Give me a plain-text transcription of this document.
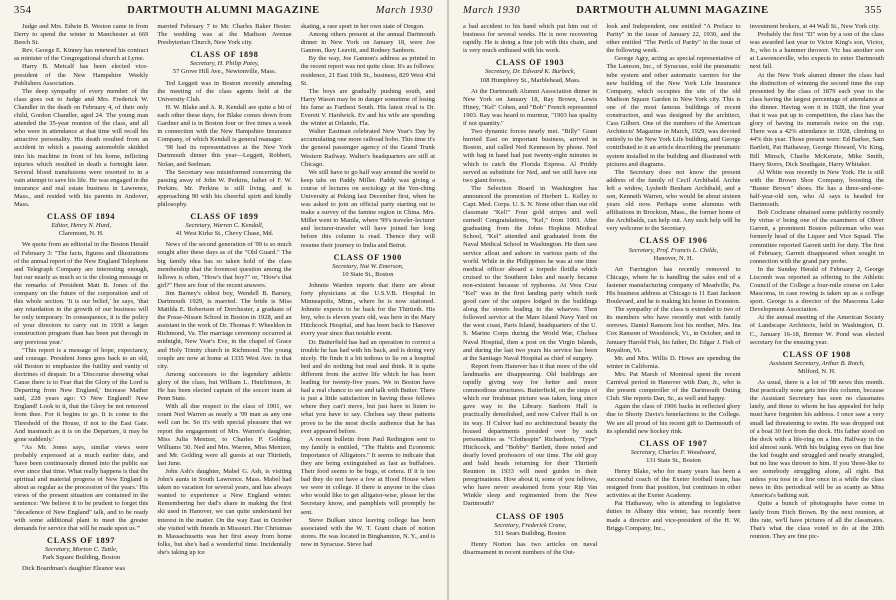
354	DARTMOUTH ALUMNI MAGAZINE	March 1930

Judge and Mrs. Edwin B. Weston came in from Derry to spend the winter in Manchester at 669 Beech St.

Rev. George E. Kinney has renewed his contract as minister of the Congregational church at Lyme.

Harry B. Metcalf has been elected vice-president of the New Hampshire Weekly Publishers Association.

The deep sympathy of every member of the class goes out to Judge and Mrs. Frederick W. Chandler in the death on February 4, of their only child, Gordon Chandler, aged 24. The young man attended the 35-year reunion of the class, and all who were in attendance at that time will recall his attractive personality. His death resulted from an accident in which a passing automobile skidded into his machine in front of his home, inflicting injuries which resulted in death a fortnight later. Several blood transfusions were resorted to in a vain attempt to save his life. He was engaged in the insurance and real estate business in Lawrence, Mass., and resided with his parents in Andover, Mass.

CLASS OF 1894
Editor, Henry N. Hurd,
Claremont, N. H.

We quote from an editorial in the Boston Herald of February 3: "The facts, figures and illustrations of the annual report of the New England Telephone and Telegraph Company are interesting enough, but our nearly as much so is the closing message or the remarks of President Matt B. Jones of the company on the future of the corporation and of this whole section. 'It is our belief,' he says, 'that any retardation in the growth of our business will be only temporary. In consequence, it is the policy of your directors to carry out in 1930 a larger construction program than has been put through in any previous year.'

"This report is a message of hope, expectancy, and courage. President Jones goes back to an old, old Boston to emphasize the futility and vanity of doctrines of despair. In a 'Discourse showing what Cause there is to Fear that the Glory of the Lord is Departing from New England,' Increase Mather said, 228 years ago: 'O New England! New England! Look to it, that the Glory be not removed from thee. For it begins to go. It is come to the Threshold of the House, if not to the East Gate. And inasmuch as it is on the Departure, it may be gone suddenly.'

"As Mr. Jones says, similar views were probably expressed at a much earlier date, and 'have been continuously dinned into the public ear ever since that time. What really happens is that the spiritual and material progress of New England is about as regular as the procession of the years.' His views of the present situation are contained in the sentence: 'We believe it to be prudent to forget this "decadence of New England" talk, and to be ready with some additional plant to meet the greater demands for service that will be made upon us.'"

CLASS OF 1897
Secretary, Morton C. Tuttle,
Park Square Building, Boston

Dick Boardman's daughter Eleanor was

married February 7 to Mr. Charles Baker Hester. The wedding was at the Madison Avenue Presbyterian Church, New York city.

CLASS OF 1898
Secretary, H. Philip Patey,
57 Grove Hill Ave., Newtonville, Mass.

Ted Leggett was in Boston recently attending the meeting of the class agents held at the University Club.

H. W. Blake and A. R. Kendall are quite a bit of each other these days, for Blake comes down from Gardner and is in Boston four or five times a week in connection with the New Hampshire Insurance Company, of which Kendall is general manager.

'98 had its representatives at the New York Dartmouth dinner this year—Leggett, Robbert, Nolan, and Seelman.

The Secretary was misinformed concerning the passing away of John W. Perkins, father of F. W. Perkins. Mr. Perkins is still living, and is approaching 90 with his cheerful spirit and kindly philosophy.

CLASS OF 1899
Secretary, Warren C. Kendall,
41 West Kirke St., Chevy Chase, Md.

News of the second generation of '99 is so much sought after these days as of the "Old Guard." The big family idea has so taken hold of the class membership that the foremost question among the fellows is often, "How's that boy?" or, "How's that girl?" Here are four of the recent answers.

Jim Barney's oldest boy, Wendell B. Barney, Dartmouth 1929, is married. The bride is Miss Matilda E. Robertson of Dorchester, a graduate of the Posse-Nissen School in Boston in 1928, and an assistant in the work of Dr. Thomas F. Wheeldon in Richmond, Va. The marriage ceremony occurred at midnight, New Year's Eve, in the chapel of Grace and Holy Trinity church in Richmond. The young couple are now at home at 1335 West Ave. in that city.

Among successors to the legendary athletic glory of the class, but William L. Hutchinson, Jr. He has been elected captain of the soccer team at Penn State.

With all due respect to the class of 1901, we count Ned Warren as nearly a '99 man as any one well can be. So it's with special pleasure that we report the engagement of Mrs. Warren's daughter, Miss Julia Mentzer, to Charles P. Golding. Williams '30. Ned and Mrs. Warren, Miss Mentzer, and Mr. Golding were all guests at our Thirtieth, last June.

John Ash's daughter, Mabel G. Ash, is visiting John's aunts in South Lawrence. Mass. Mabel had taken no vacation for several years, and has always wanted to experience a New England winter. Remembering her dad's share in making the first ski used in Hanover, we can quite understand her interest in the matter. On the way East in October she visited with friends in Missouri. Her Christmas in Massachusetts was her first away from home folks, but she's had a wonderful time. Incidentally she's taking up ice

skating, a rare sport in her own state of Oregon.

Among others present at the annual Dartmouth dinner in New York on January 18, were Joe Gannon, Ikey Leavitt, and Rodney Sanborn.

By the way, Joe Gannon's address as printed in the recent report was not quite clear. It's as follows: residence, 21 East 10th St., business, 829 West 43d St.

The boys are gradually pushing south, and Harry Wason may be in danger sometime of losing his fame as Farthest South. His latest rival is Dr. Everett V. Hardwick. Ev and his wife are spending the winter at Orlando, Fla.

Walter Eastman celebrated New Year's Day by accumulating one more railroad hobo. This time it's the general passenger agency of the Grand Trunk Western Railway. Walter's headquarters are still at Chicago.

We still have to go half way around the world to keep tabs on Paddy Miller. Paddy was giving a course of lectures on sociology at the Yen-ching University at Peking last December first, when he was asked to join an official party starting out to make a survey of the famine region in China. Mrs. Miller went to Manila, where '99's traveler-lecturer and lecturer-traveler will have joined her long before this column is read. Thence they will resume their journey to India and Beirut.

CLASS OF 1900
Secretary, Nat W. Emerson,
10 State St., Boston

Johnnie Warden reports that there are about forty physicians at the U.S.V.B. Hospital in Minneapolis, Minn., where he is now stationed. Johnnie expects to be back for the Thirtieth. His boy, who is eleven years old, was here in the Mary Hitchcock Hospital, and has been back to Hanover every year since that notable event.

Dr. Butterfield has had an operation to correct a trouble he has had with his back, and is doing very nicely. He finds it a bit tedious to lie on a hospital bed and do nothing but read and think. It is quite different from the active life which he has been leading for twenty-five years. We in Boston have had a real chance to see and talk with Butter. There is just a little satisfaction in having these fellows where they can't move, but just have to listen to what you have to say. Chelsea say these patients prove to be the most docile audience that he has ever appeared before.

A recent bulletin from Paul Redington sent to my family is entitled, "The Habits and Economic Importance of Alligators." It seems to indicate that they are being extinguished as fast as buffaloes. Their food seems to be bugs, et cetera. If it is too bad they do not have a few at Hood House when we were in college. If there is anyone in the class who would like to get alligator-wise, please let the Secretary know, and pamphlets will promptly be sent.

Steve Bulkan since leaving college has been associated with the W. T. Grant chain of notion stores. He was located in Binghamton, N. Y., and is now in Syracuse. Steve had

March 1930	DARTMOUTH ALUMNI MAGAZINE	355

a bad accident to his hand which put him out of business for several weeks. He is now recovering rapidly. He is doing a fine job with this chain, and is very much enthused with his work.

CLASS OF 1903
Secretary, Dr. Edward K. Burbeck,
108 Humphrey St., Marblehead, Mass.

At the Dartmouth Alumni Association dinner in New York on January 18, Ray Brown, Lewis Hiney, "Kel" Cohen, and "Bob" French represented 1903. Ray was heard to murmur, "1903 has quality if not quantity."

Two dynamic forces nearly met. "Billy" Grant hurried East on important business, arrived in Boston, and called Ned Kenneson by phone. Ned with bag in hand had just twenty-eight minutes in which to catch the Florida Express. Al Priddy served as substitute for Ned, and we still have our two giant forces.

The Selection Board in Washington has announced the promotion of Herbert L. Kelley to Capt. Med. Corps. U. S. N. None other than our old classmate "Kel!" Four gold stripes and well earned! Congratulations, "Kel," from 1903. After graduating from the Johns Hopkins Medical School, "Kel" attended and graduated from the Naval Medical School in Washington. He then saw service afloat and ashore in various parts of the world. While in the Philippines he was at one time medical officer aboard a torpedo flotilla which cruised to the Southern Isles and nearly became non-existent because of typhoons. At Vera Cruz "Kel" was in the first landing party which took good care of the snipers lodged in the buildings along the streets leading to the wharves. Then followed service at the Mare Island Navy Yard on the west coast, Paris Island, headquarters of the U. S. Marine Corps during the World War, Chelsea Naval Hospital, then a post on the Virgin Islands, and during the last two years his service has been at the Santiago Naval Hospital as chief of surgery.

Report from Hanover has it that more of the old landmarks are disappearing. Old buildings are rapidly giving way for better and more commodious structures. Butterfield, on the steps of which our freshman picture was taken, long since gave way to the Library. Sanborn Hall is practically demolished, and now Culver Hall is on its way. If Culver had no architectural beauty the housed departments presided over by such personalities as "Clothespin" Richardson, "Type" Hitchcock, and "Bobby" Bartlett, three noted and dearly loved professors of our time. The old gray and bald heads returning for their Thirtieth Reunion in 1933 will need guides in their peregrinations. How about it, some of you fellows, who have never awakened from your Rip Van Winkle sleep and regimented from the New Dartmouth?

CLASS OF 1905
Secretary, Frederick Crane,
511 Sears Building, Boston

Henry Norton has two articles on naval disarmament in recent numbers of the Out-

look and Independent, one entitled "A Preface to Parity" in the issue of January 22, 1930, and the other entitled "The Perils of Parity" in the issue of the following week.

George Agry, acting as special representative of The Lamson, Inc., of Syracuse, sold the pneumatic tube system and other automatic carriers for the new building of the New York Life Insurance Company, which occupies the site of the old Madison Square Garden in New York city. This is one of the most famous buildings of recent construction, and was designed by the architect, Cass Gilbert. One of the numbers of the American Architects' Magazine in March, 1929, was devoted entirely to the New York Life building, and George contributed to it an article describing the pneumatic system installed in the building and illustrated with pictures and diagrams.

The Secretary does not know the present address of the family of Cecil Archibald. Archie left a widow, Lysbeth Benham Archibald, and a son, Kenneth Warren, who would be about sixteen years old now. Perhaps some alumnus with affiliations in Brockton, Mass., the former home of the Archibalds, can help out. Any such help will be very welcome to the Secretary.

CLASS OF 1906
Secretary, Prof. Francis L. Childs,
Hanover, N. H.

Art Farrington has recently removed to Chicago, where he is handling the sales end of a fastener manufacturing company of Meadville, Pa. His business address at Chicago is 11 East Jackson Boulevard, and he is making his home in Evanston.

The sympathy of the class is extended to two of its members who have recently met with family sorrows. Daniel Ransom lost his mother, Mrs. Ina Cox Ransom of Woodstock, Vt., in October, and in January Harold Fish, his father, Dr. Edgar J. Fish of Royalton, Vt.

Mr. and Mrs. Willis D. Howe are spending the winter in California.

Mrs. Pat Marsh of Montreal spent the recent Carnival period in Hanover with Dan, Jr., who is the present comptroller of the Dartmouth Outing Club. She reports Dan, Sr., as well and happy.

Again the class of 1906 backs in reflected glory due to Shorty Davis's benefactions to the College. We are all proud of his recent gift to Dartmouth of its splendid new hockey rink.

CLASS OF 1907
Secretary, Charles F. Woodward,
131 State St., Boston

Henry Blake, who for many years has been a successful coach of the Exeter football team, has resigned from that position, but continues in other activities at the Exeter Academy.

Pat Hathaway, who is attending to legislative duties in Albany this winter, has recently been made a director and vice-president of the H. W. Briggs Company, Inc.,

investment brokers, at 44 Wall St., New York city.

Probably the first "D" won by a son of the class was awarded last year to Victor King's son, Victor, Jr., who is a hammer thrower. Vic has another son at Lawrenceville, who expects to enter Dartmouth next fall.

At the New York alumni dinner the class had the distinction of winning the second time the cup presented by the class of 1879 each year to the class having the largest percentage of attendance at the dinner. Having won it in 1928, the first year that it was put up to competition, the class has the glory of having its numerals twice on the cup. There was a 42% attendance in 1928, climbing to 44% this year. Those present were: Ed Barker, Sam Bartlett, Pat Hathaway, George Howard, Vic King, Bill Minsch, Charlie McKenzie, Mike Smith, Harry Storrs, Dick Southgate, Harry Whitaker.

Al White was recently in New York. He is still with the Brown Shoe Company, boosting the "Buster Brown" shoes. He has a three-and-one-half-year-old son, who Al says is headed for Dartmouth.

Bob Cochrane obtained some publicity recently by virtue o' being one of the examiners of Oliver Garrett, a prominent Boston policeman who was formerly head of the Liquor and Vice Squad. The committee reported Garrett unfit for duty. The first of February, Garrett disappeared when sought in connection with the grand jury probe.

In the Sunday Herald of February 2, George Liscomb was reported as offering to the Athletic Council of the College a four-mile course on Lake Mascoma, in case rowing is taken up as a college sport. George is a director of the Mascoma Lake Development Association.

At the annual meeting of the American Society of Landscape Architects, held in Washington, D. C., January 16-18, Bremer W. Pond was elected secretary for the ensuing year.

CLASS OF 1908
Assistant Secretary, Arthur B. Rotch,
Milford, N. H.

As usual, there is a lot of '08 news this month. But practically none gets into this column, because the Assistant Secretary has seen no classmates lately, and those to whom he has appealed for help must have forgotten his address. I once saw a very small lad threatening to swim. He was dropped out of a boat 30 feet from the dock. His father stood on the dock with a life-ring on a line. Halfway in the kid almost sunk. With his bulging eyes on that line the kid fought and struggled and nearly strangled, but no line was thrown to him. If you 'three-like to see somebody struggling alone, all right. But unless you toss in a line once in a while the class news in this periodical will be as scanty as Miss America's bathing suit.

Quite a bunch of photographs have come in lately from Fitch Brown. By the next reunion, at this rate, we'll have pictures of all the classmates. That's what the class voted to do at the 20th reunion. They are fine pic-
